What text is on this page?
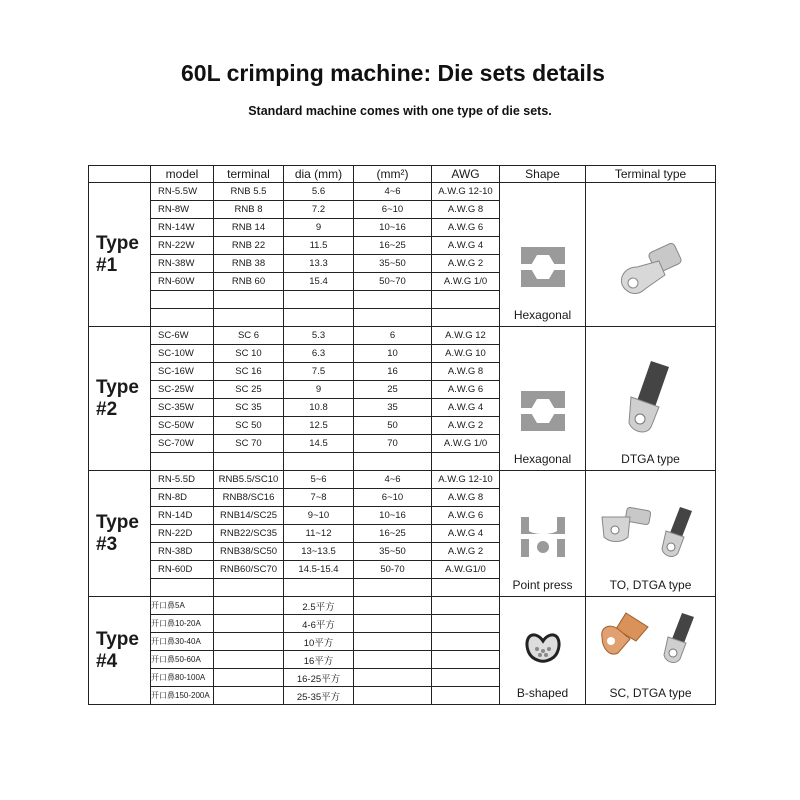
60L crimping machine: Die sets details
Standard machine comes with one type of die sets.
	model	terminal	dia (mm)	(mm²)	AWG	Shape	Terminal type
Type
#1	RN-5.5W	RNB 5.5	5.6	4~6	A.W.G 12-10	Hexagonal	

	RN-8W	RNB 8	7.2	6~10	A.W.G 8		
	RN-14W	RNB 14	9	10~16	A.W.G 6		
	RN-22W	RNB 22	11.5	16~25	A.W.G 4		
	RN-38W	RNB 38	13.3	35~50	A.W.G 2		
	RN-60W	RNB 60	15.4	50~70	A.W.G 1/0		

Type
#2	SC-6W	SC 6	5.3	6	A.W.G 12	Hexagonal	DTGA type
	SC-10W	SC 10	6.3	10	A.W.G 10		
	SC-16W	SC 16	7.5	16	A.W.G 8		
	SC-25W	SC 25	9	25	A.W.G 6		
	SC-35W	SC 35	10.8	35	A.W.G 4		
	SC-50W	SC 50	12.5	50	A.W.G 2		
	SC-70W	SC 70	14.5	70	A.W.G 1/0		

Type
#3	RN-5.5D	RNB5.5/SC10	5~6	4~6	A.W.G 12-10	Point press	TO, DTGA type
	RN-8D	RNB8/SC16	7~8	6~10	A.W.G 8		
	RN-14D	RNB14/SC25	9~10	10~16	A.W.G 6		
	RN-22D	RNB22/SC35	11~12	16~25	A.W.G 4		
	RN-38D	RNB38/SC50	13~13.5	35~50	A.W.G 2		
	RN-60D	RNB60/SC70	14.5-15.4	50-70	A.W.G1/0		

Type
#4	开口鼻5A		2.5平方			B-shaped	SC, DTGA type
	开口鼻10-20A		4-6平方				
	开口鼻30-40A		10平方				
	开口鼻50-60A		16平方				
	开口鼻80-100A		16-25平方				
	开口鼻150-200A		25-35平方				
